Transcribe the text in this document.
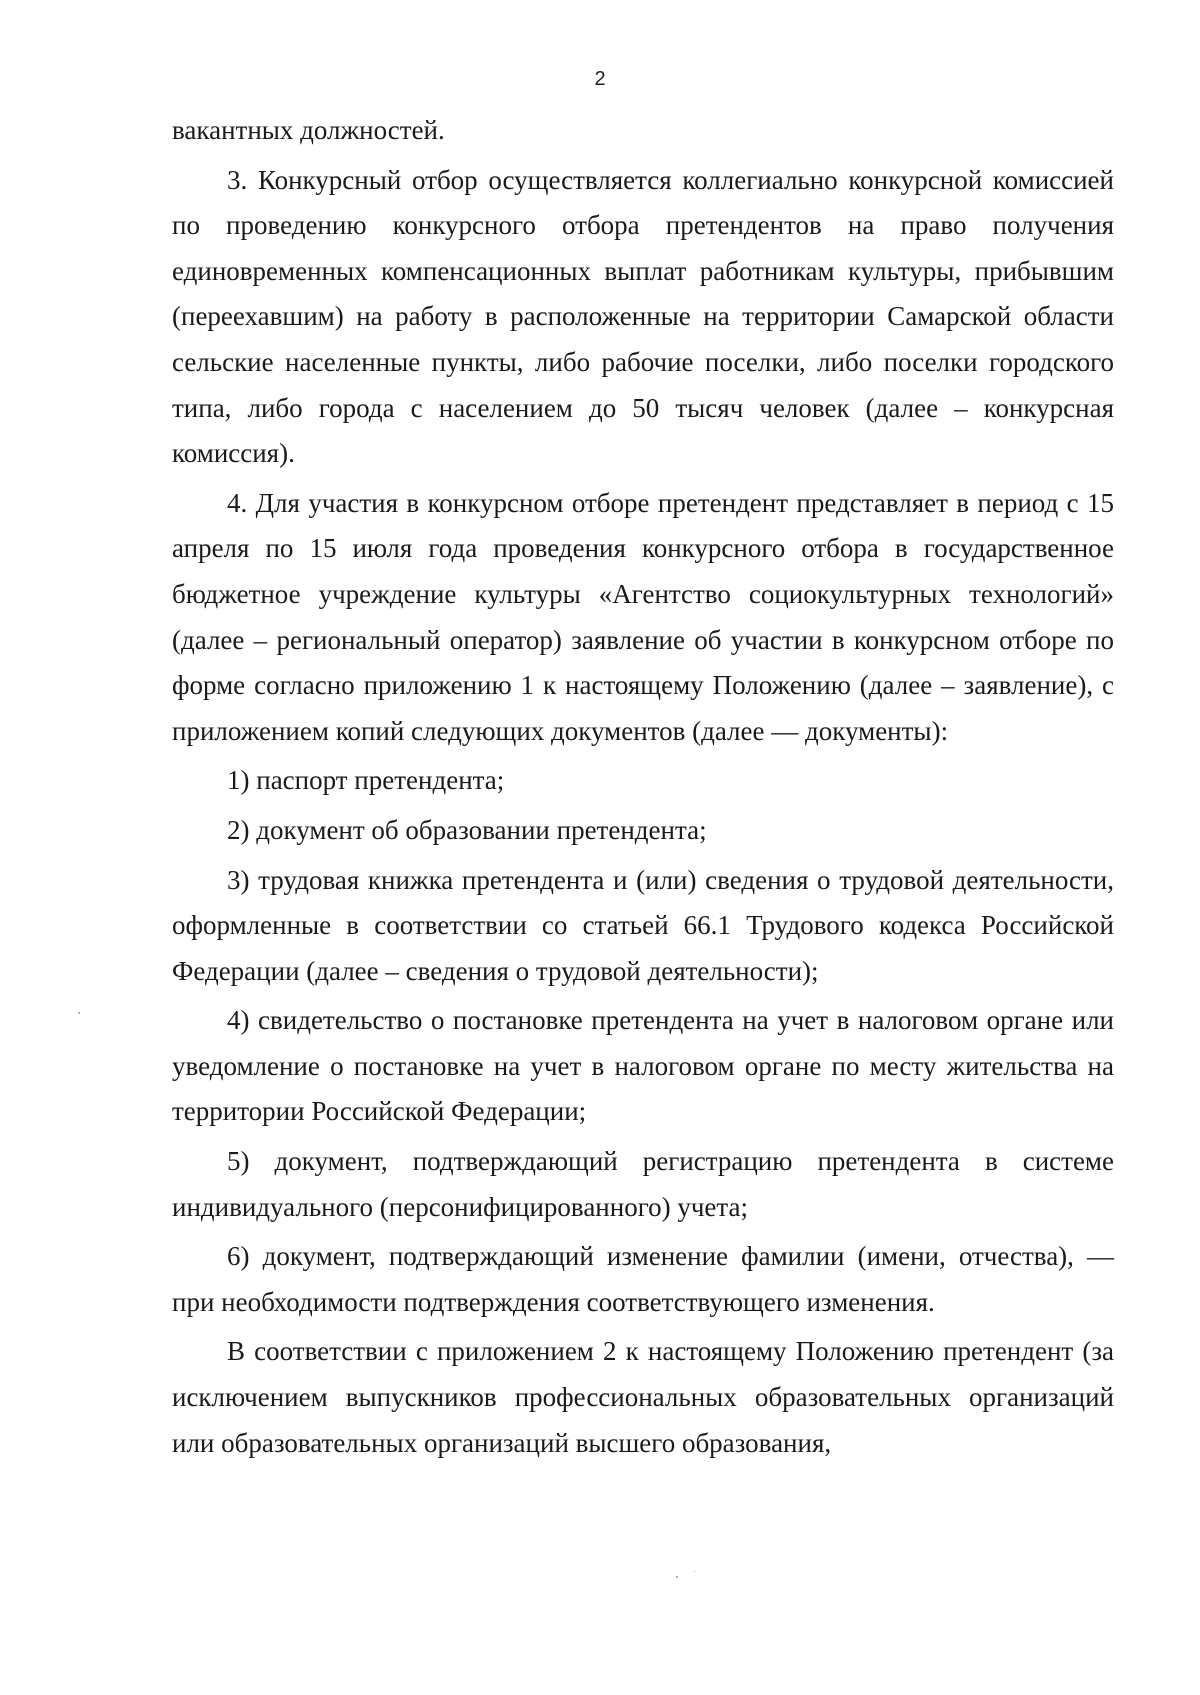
2

вакантных должностей.

3. Конкурсный отбор осуществляется коллегиально конкурсной комиссией по проведению конкурсного отбора претендентов на право получения единовременных компенсационных выплат работникам культуры, прибывшим (переехавшим) на работу в расположенные на территории Самарской области сельские населенные пункты, либо рабочие поселки, либо поселки городского типа, либо города с населением до 50 тысяч человек (далее – конкурсная комиссия).

4. Для участия в конкурсном отборе претендент представляет в период с 15 апреля по 15 июля года проведения конкурсного отбора в государственное бюджетное учреждение культуры «Агентство социокультурных технологий» (далее – региональный оператор) заявление об участии в конкурсном отборе по форме согласно приложению 1 к настоящему Положению (далее – заявление), с приложением копий следующих документов (далее — документы):

1) паспорт претендента;

2) документ об образовании претендента;

3) трудовая книжка претендента и (или) сведения о трудовой деятельности, оформленные в соответствии со статьей 66.1 Трудового кодекса Российской Федерации (далее – сведения о трудовой деятельности);

4) свидетельство о постановке претендента на учет в налоговом органе или уведомление о постановке на учет в налоговом органе по месту жительства на территории Российской Федерации;

5) документ, подтверждающий регистрацию претендента в системе индивидуального (персонифицированного) учета;

6) документ, подтверждающий изменение фамилии (имени, отчества), — при необходимости подтверждения соответствующего изменения.

В соответствии с приложением 2 к настоящему Положению претендент (за исключением выпускников профессиональных образовательных организаций или образовательных организаций высшего образования,
